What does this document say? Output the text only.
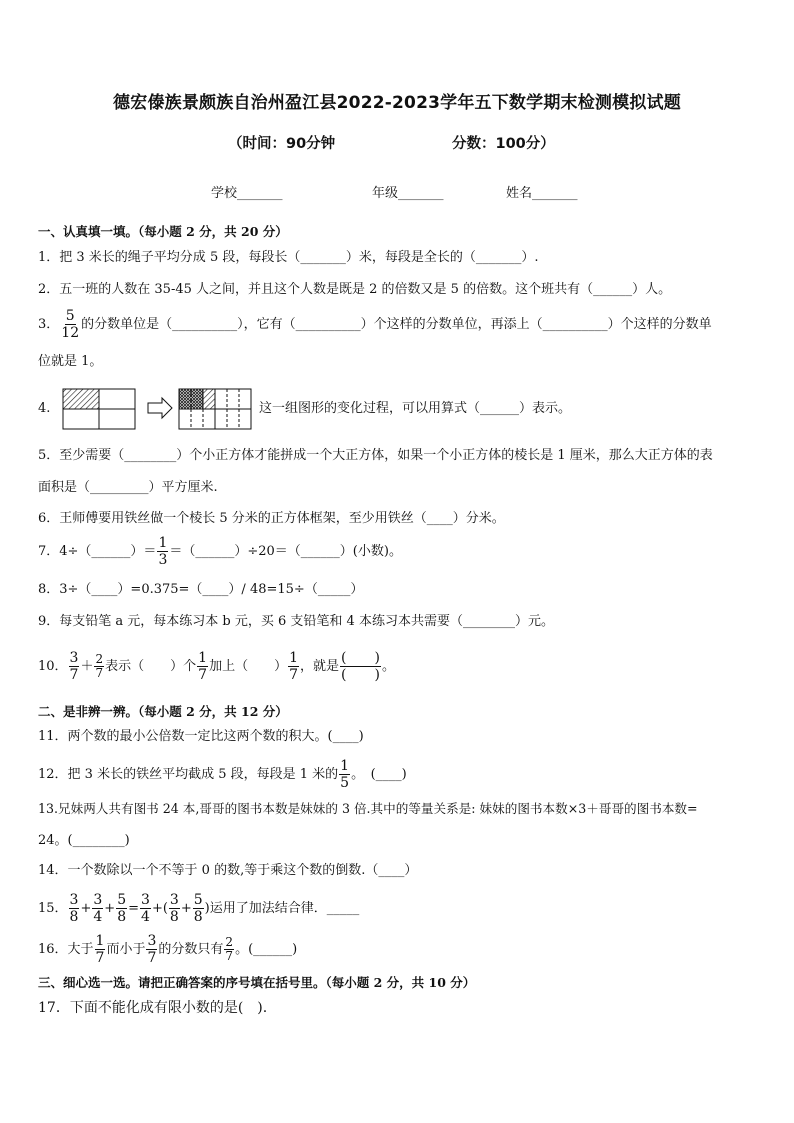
德宏傣族景颇族自治州盈江县2022-2023学年五下数学期末检测模拟试题
（时间：90分钟	分数：100分）
学校_______	年级_______	姓名_______
一、认真填一填。（每小题 2 分，共 20 分）
1．把 3 米长的绳子平均分成 5 段，每段长（_______）米，每段是全长的（_______）.
2．五一班的人数在 35-45 人之间，并且这个人数是既是 2 的倍数又是 5 的倍数。这个班共有（______）人。
3． $\frac{5}{12}$ 的分数单位是（__________），它有（__________）个这样的分数单位，再添上（__________）个这样的分数单
位就是 1。
4.	这一组图形的变化过程，可以用算式（______）表示。
5．至少需要（________）个小正方体才能拼成一个大正方体，如果一个小正方体的棱长是 1 厘米，那么大正方体的表
面积是（_________）平方厘米.
6．王师傅要用铁丝做一个棱长 5 分米的正方体框架，至少用铁丝（____）分米。
7．4÷（______）＝ $\frac{1}{3}$ ＝（______）÷20＝（______）(小数)。
8．3÷（____）=0.375=（____）/ 48=15÷（_____）
9．每支铅笔 a 元，每本练习本 b 元，买 6 支铅笔和 4 本练习本共需要（________）元。
10． $\frac{3}{7} + \frac{2}{7}$ 表示（　　）个 $\frac{1}{7}$ 加上（　　） $\frac{1}{7}$ ，就是 $\frac{( )}{( )}$ 。
二、是非辨一辨。（每小题 2 分，共 12 分）
11．两个数的最小公倍数一定比这两个数的积大。(____)
12．把 3 米长的铁丝平均截成 5 段，每段是 1 米的 $\frac{1}{5}$ 。　(____)
13.兄妹两人共有图书 24 本,哥哥的图书本数是妹妹的 3 倍.其中的等量关系是: 妹妹的图书本数×3＋哥哥的图书本数=
24。(________)
14．一个数除以一个不等于 0 的数,等于乘这个数的倒数.（____）
15． $\frac{3}{8} + \frac{3}{4} + \frac{5}{8} = \frac{3}{4}$ +( $\frac{3}{8} + \frac{5}{8}$ )运用了加法结合律．_____
16．大于 $\frac{1}{7}$ 而小于 $\frac{3}{7}$ 的分数只有 $\frac{2}{7}$ 。(______)
三、细心选一选。请把正确答案的序号填在括号里。（每小题 2 分，共 10 分）
17．下面不能化成有限小数的是(　).
